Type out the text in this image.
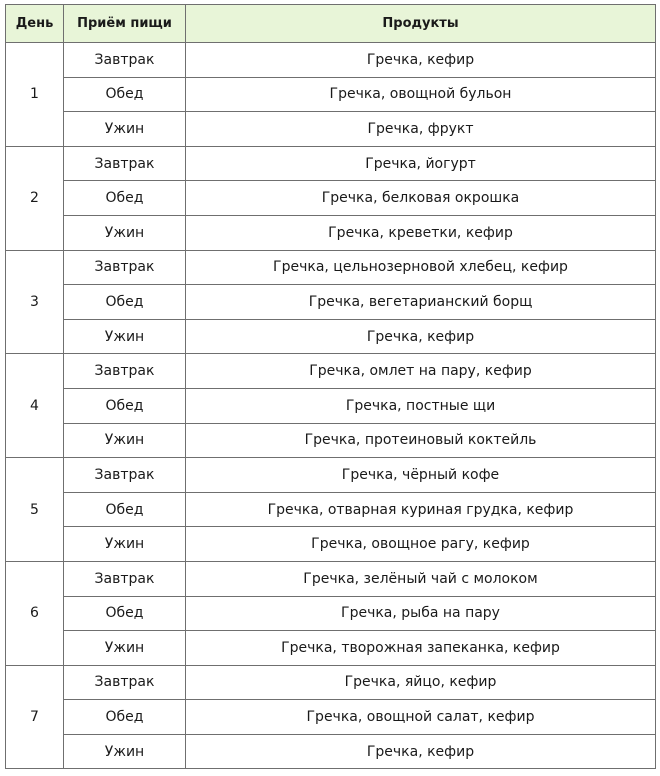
День	Приём пищи	Продукты
1	Завтрак	Гречка, кефир
	Обед	Гречка, овощной бульон
	Ужин	Гречка, фрукт
2	Завтрак	Гречка, йогурт
	Обед	Гречка, белковая окрошка
	Ужин	Гречка, креветки, кефир
3	Завтрак	Гречка, цельнозерновой хлебец, кефир
	Обед	Гречка, вегетарианский борщ
	Ужин	Гречка, кефир
4	Завтрак	Гречка, омлет на пару, кефир
	Обед	Гречка, постные щи
	Ужин	Гречка, протеиновый коктейль
5	Завтрак	Гречка, чёрный кофе
	Обед	Гречка, отварная куриная грудка, кефир
	Ужин	Гречка, овощное рагу, кефир
6	Завтрак	Гречка, зелёный чай с молоком
	Обед	Гречка, рыба на пару
	Ужин	Гречка, творожная запеканка, кефир
7	Завтрак	Гречка, яйцо, кефир
	Обед	Гречка, овощной салат, кефир
	Ужин	Гречка, кефир
